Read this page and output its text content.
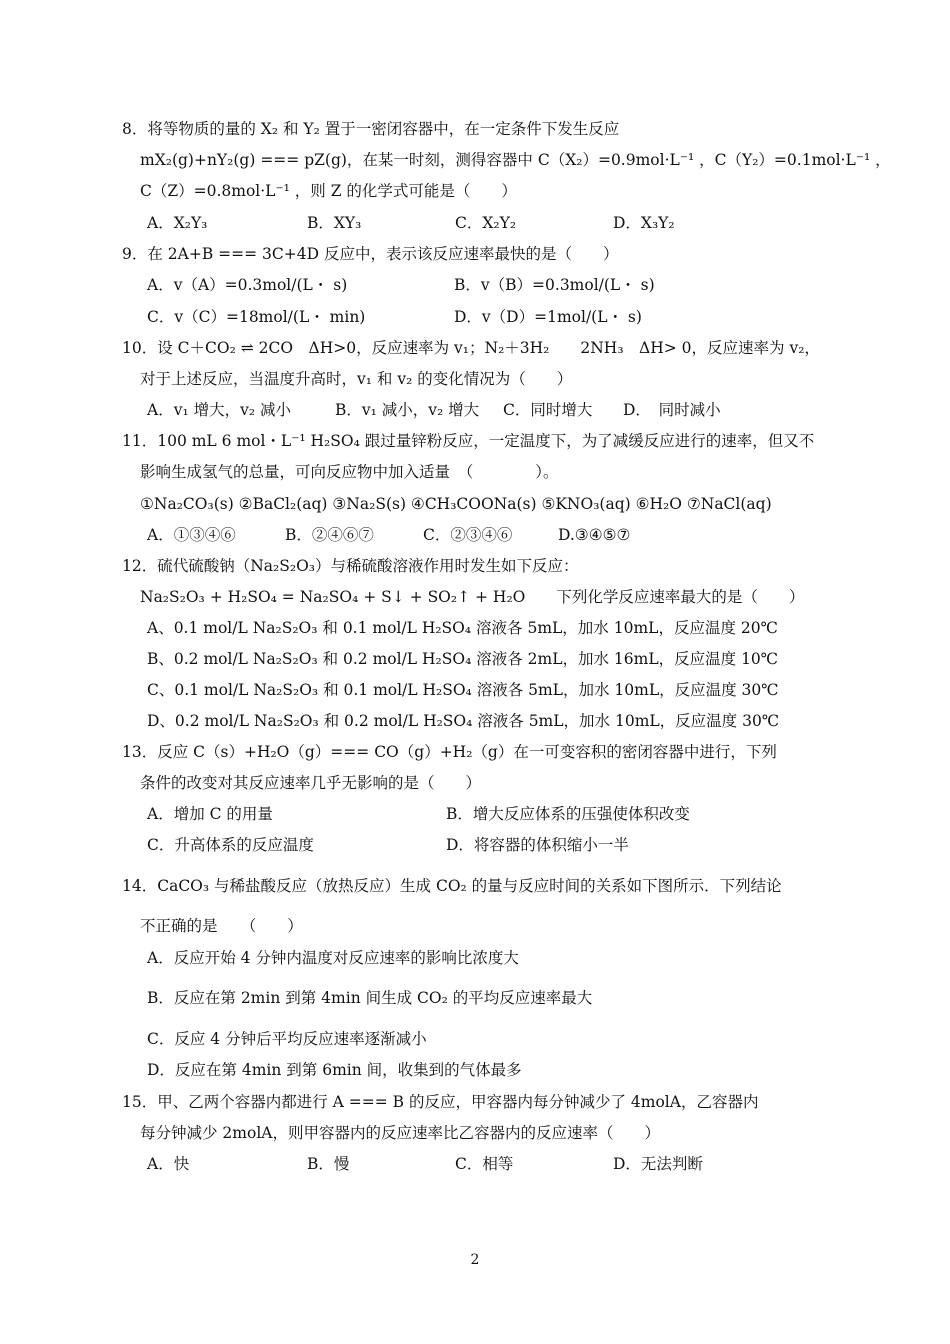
8．将等物质的量的 X₂ 和 Y₂ 置于一密闭容器中，在一定条件下发生反应
mX₂(g)+nY₂(g) === pZ(g)，在某一时刻，测得容器中 C（X₂）=0.9mol·L⁻¹ ，C（Y₂）=0.1mol·L⁻¹ ，
C（Z）=0.8mol·L⁻¹ ，则 Z 的化学式可能是（　　）
A．X₂Y₃	B．XY₃	C．X₂Y₂	D．X₃Y₂
9．在 2A+B === 3C+4D 反应中，表示该反应速率最快的是（　　）
A．v（A）=0.3mol/(L・ s)	B．v（B）=0.3mol/(L・ s)
C．v（C）=18mol/(L・ min)	D．v（D）=1mol/(L・ s)
10．设 C＋CO₂ ⇌ 2CO　ΔH>0，反应速率为 v₁；N₂＋3H₂　　2NH₃　ΔH> 0，反应速率为 v₂，
对于上述反应，当温度升高时，v₁ 和 v₂ 的变化情况为（　　）
A．v₁ 增大，v₂ 减小	B．v₁ 减小，v₂ 增大	C．同时增大	D．　同时减小
11．100 mL 6 mol・L⁻¹ H₂SO₄ 跟过量锌粉反应，一定温度下，为了减缓反应进行的速率，但又不
影响生成氢气的总量，可向反应物中加入适量　（　　　　）。
①Na₂CO₃(s) ②BaCl₂(aq) ③Na₂S(s) ④CH₃COONa(s) ⑤KNO₃(aq) ⑥H₂O ⑦NaCl(aq)
A．①③④⑥	B．②④⑥⑦	C．②③④⑥	D.③④⑤⑦
12．硫代硫酸钠（Na₂S₂O₃）与稀硫酸溶液作用时发生如下反应：
Na₂S₂O₃ + H₂SO₄ = Na₂SO₄ + S↓ + SO₂↑ + H₂O　　下列化学反应速率最大的是（　　）
A、0.1 mol/L Na₂S₂O₃ 和 0.1 mol/L H₂SO₄ 溶液各 5mL，加水 10mL，反应温度 20℃
B、0.2 mol/L Na₂S₂O₃ 和 0.2 mol/L H₂SO₄ 溶液各 2mL，加水 16mL，反应温度 10℃
C、0.1 mol/L Na₂S₂O₃ 和 0.1 mol/L H₂SO₄ 溶液各 5mL，加水 10mL，反应温度 30℃
D、0.2 mol/L Na₂S₂O₃ 和 0.2 mol/L H₂SO₄ 溶液各 5mL，加水 10mL，反应温度 30℃
13．反应 C（s）+H₂O（g）=== CO（g）+H₂（g）在一可变容积的密闭容器中进行，下列
条件的改变对其反应速率几乎无影响的是（　　）
A．增加 C 的用量	B．增大反应体系的压强使体积改变
C．升高体系的反应温度	D．将容器的体积缩小一半
14．CaCO₃ 与稀盐酸反应（放热反应）生成 CO₂ 的量与反应时间的关系如下图所示．下列结论
不正确的是　　（　　）
A．反应开始 4 分钟内温度对反应速率的影响比浓度大
B．反应在第 2min 到第 4min 间生成 CO₂ 的平均反应速率最大
C．反应 4 分钟后平均反应速率逐渐减小
D．反应在第 4min 到第 6min 间，收集到的气体最多
15．甲、乙两个容器内都进行 A === B 的反应，甲容器内每分钟减少了 4molA，乙容器内
每分钟减少 2molA，则甲容器内的反应速率比乙容器内的反应速率（　　）
A．快	B．慢	C．相等	D．无法判断
2
